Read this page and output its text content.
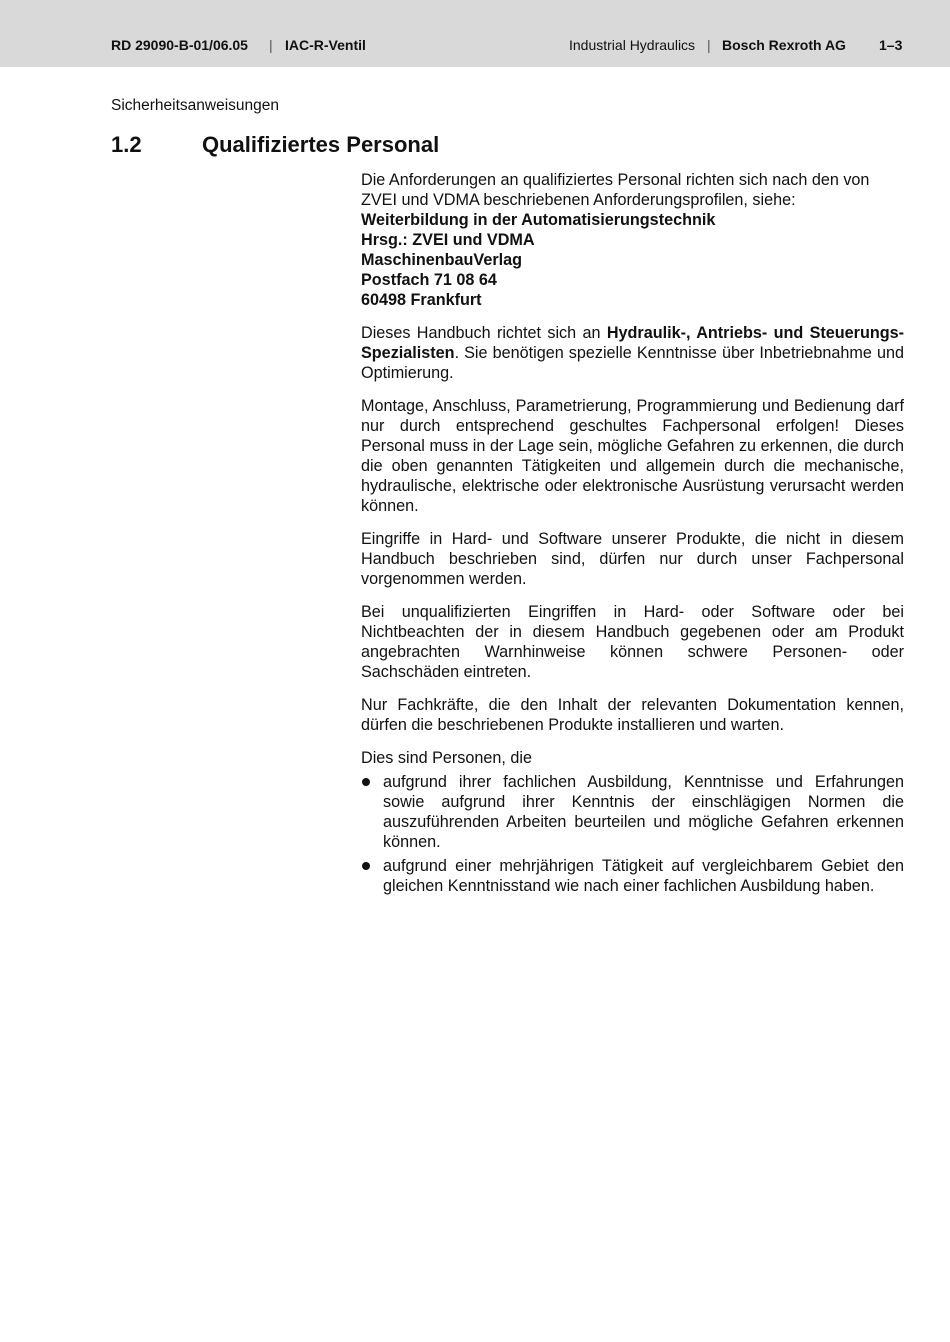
RD 29090-B-01/06.05 | IAC-R-Ventil	Industrial Hydraulics | Bosch Rexroth AG 1–3
Sicherheitsanweisungen
1.2	Qualifiziertes Personal

Die Anforderungen an qualifiziertes Personal richten sich nach den von ZVEI und VDMA beschriebenen Anforderungsprofilen, siehe:
Weiterbildung in der Automatisierungstechnik
Hrsg.: ZVEI und VDMA
MaschinenbauVerlag
Postfach 71 08 64
60498 Frankfurt

Dieses Handbuch richtet sich an Hydraulik-, Antriebs- und Steuerungs-Spezialisten. Sie benötigen spezielle Kenntnisse über Inbetriebnahme und Optimierung.

Montage, Anschluss, Parametrierung, Programmierung und Bedienung darf nur durch entsprechend geschultes Fachpersonal erfolgen! Dieses Personal muss in der Lage sein, mögliche Gefahren zu erkennen, die durch die oben genannten Tätigkeiten und allgemein durch die mechanische, hydraulische, elektrische oder elektronische Ausrüstung verursacht werden können.

Eingriffe in Hard- und Software unserer Produkte, die nicht in diesem Handbuch beschrieben sind, dürfen nur durch unser Fachpersonal vorgenommen werden.

Bei unqualifizierten Eingriffen in Hard- oder Software oder bei Nichtbeachten der in diesem Handbuch gegebenen oder am Produkt angebrachten Warnhinweise können schwere Personen- oder Sachschäden eintreten.

Nur Fachkräfte, die den Inhalt der relevanten Dokumentation kennen, dürfen die beschriebenen Produkte installieren und warten.

Dies sind Personen, die

aufgrund ihrer fachlichen Ausbildung, Kenntnisse und Erfahrungen sowie aufgrund ihrer Kenntnis der einschlägigen Normen die auszuführenden Arbeiten beurteilen und mögliche Gefahren erkennen können.
aufgrund einer mehrjährigen Tätigkeit auf vergleichbarem Gebiet den gleichen Kenntnisstand wie nach einer fachlichen Ausbildung haben.
